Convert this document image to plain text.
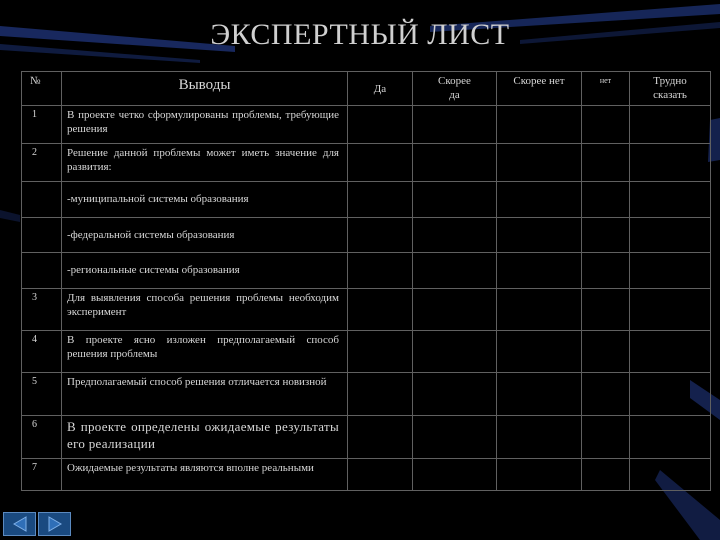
ЭКСПЕРТНЫЙ ЛИСТ
№	Выводы	Да	Скорее да	Скорее нет	нет	Трудно сказать
1	В проекте четко сформулированы проблемы, требующие решения					
2	Решение данной проблемы может иметь значение для развития:					
	-муниципальной системы образования					
	-федеральной системы образования					
	-региональные системы образования					
3	Для выявления способа решения проблемы необходим эксперимент					
4	В проекте ясно изложен предполагаемый способ решения проблемы					
5	Предполагаемый способ решения отличается новизной					
6	В проекте определены ожидаемые результаты его реализации					
7	Ожидаемые результаты являются вполне реальными					
